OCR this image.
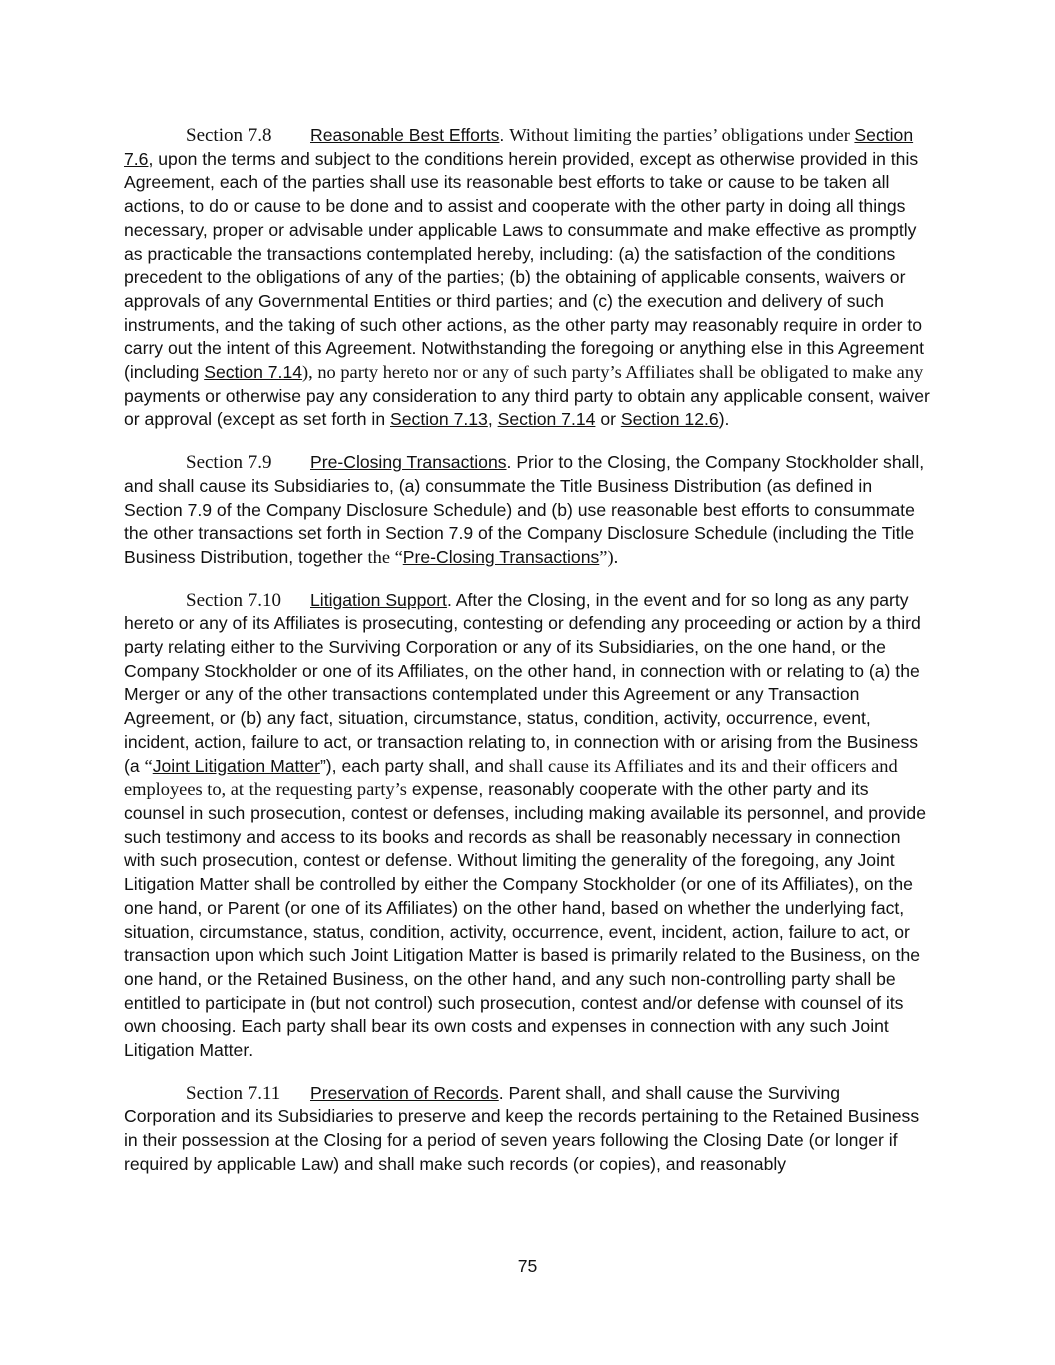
Section 7.8 Reasonable Best Efforts. Without limiting the parties’ obligations under Section 7.6, upon the terms and subject to the conditions herein provided, except as otherwise provided in this Agreement, each of the parties shall use its reasonable best efforts to take or cause to be taken all actions, to do or cause to be done and to assist and cooperate with the other party in doing all things necessary, proper or advisable under applicable Laws to consummate and make effective as promptly as practicable the transactions contemplated hereby, including: (a) the satisfaction of the conditions precedent to the obligations of any of the parties; (b) the obtaining of applicable consents, waivers or approvals of any Governmental Entities or third parties; and (c) the execution and delivery of such instruments, and the taking of such other actions, as the other party may reasonably require in order to carry out the intent of this Agreement. Notwithstanding the foregoing or anything else in this Agreement (including Section 7.14), no party hereto nor or any of such party’s Affiliates shall be obligated to make any payments or otherwise pay any consideration to any third party to obtain any applicable consent, waiver or approval (except as set forth in Section 7.13, Section 7.14 or Section 12.6).

Section 7.9 Pre-Closing Transactions. Prior to the Closing, the Company Stockholder shall, and shall cause its Subsidiaries to, (a) consummate the Title Business Distribution (as defined in Section 7.9 of the Company Disclosure Schedule) and (b) use reasonable best efforts to consummate the other transactions set forth in Section 7.9 of the Company Disclosure Schedule (including the Title Business Distribution, together the “Pre-Closing Transactions”).

Section 7.10 Litigation Support. After the Closing, in the event and for so long as any party hereto or any of its Affiliates is prosecuting, contesting or defending any proceeding or action by a third party relating either to the Surviving Corporation or any of its Subsidiaries, on the one hand, or the Company Stockholder or one of its Affiliates, on the other hand, in connection with or relating to (a) the Merger or any of the other transactions contemplated under this Agreement or any Transaction Agreement, or (b) any fact, situation, circumstance, status, condition, activity, occurrence, event, incident, action, failure to act, or transaction relating to, in connection with or arising from the Business (a “Joint Litigation Matter”), each party shall, and shall cause its Affiliates and its and their officers and employees to, at the requesting party’s expense, reasonably cooperate with the other party and its counsel in such prosecution, contest or defenses, including making available its personnel, and provide such testimony and access to its books and records as shall be reasonably necessary in connection with such prosecution, contest or defense. Without limiting the generality of the foregoing, any Joint Litigation Matter shall be controlled by either the Company Stockholder (or one of its Affiliates), on the one hand, or Parent (or one of its Affiliates) on the other hand, based on whether the underlying fact, situation, circumstance, status, condition, activity, occurrence, event, incident, action, failure to act, or transaction upon which such Joint Litigation Matter is based is primarily related to the Business, on the one hand, or the Retained Business, on the other hand, and any such non-controlling party shall be entitled to participate in (but not control) such prosecution, contest and/or defense with counsel of its own choosing. Each party shall bear its own costs and expenses in connection with any such Joint Litigation Matter.

Section 7.11 Preservation of Records. Parent shall, and shall cause the Surviving Corporation and its Subsidiaries to preserve and keep the records pertaining to the Retained Business in their possession at the Closing for a period of seven years following the Closing Date (or longer if required by applicable Law) and shall make such records (or copies), and reasonably

75
